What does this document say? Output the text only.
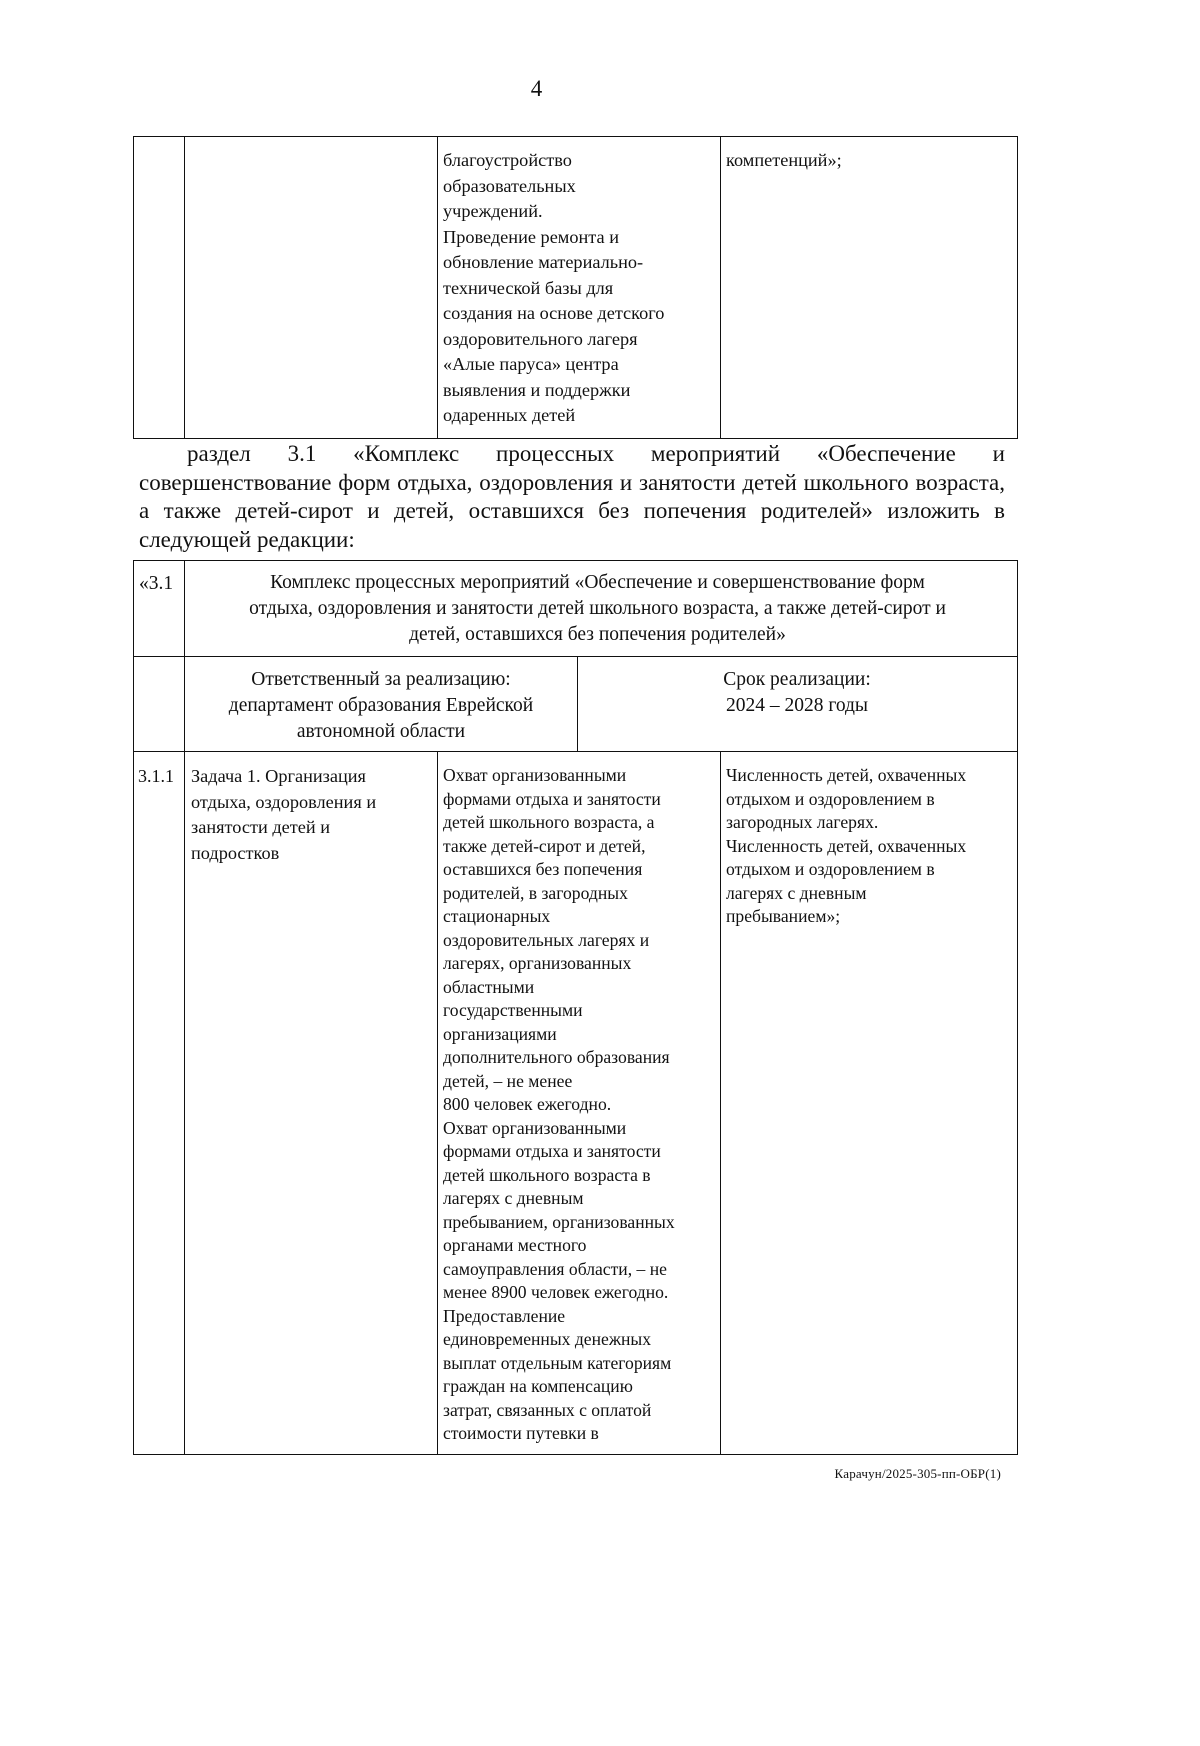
4
благоустройство
образовательных
учреждений.
Проведение ремонта и
обновление материально-
технической базы для
создания на основе детского
оздоровительного лагеря
«Алые паруса» центра
выявления и поддержки
одаренных детей
компетенций»;
раздел 3.1 «Комплекс процессных мероприятий «Обеспечение и совершенствование форм отдыха, оздоровления и занятости детей школьного возраста, а также детей-сирот и детей, оставшихся без попечения родителей» изложить в следующей редакции:
«3.1	Комплекс процессных мероприятий «Обеспечение и совершенствование форм
отдыха, оздоровления и занятости детей школьного возраста, а также детей-сирот и
детей, оставшихся без попечения родителей»
Ответственный за реализацию:
департамент образования Еврейской
автономной области
Срок реализации:
2024 – 2028 годы
3.1.1 Задача 1. Организация
отдыха, оздоровления и
занятости детей и
подростков
Охват организованными
формами отдыха и занятости
детей школьного возраста, а
также детей-сирот и детей,
оставшихся без попечения
родителей, в загородных
стационарных
оздоровительных лагерях и
лагерях, организованных
областными
государственными
организациями
дополнительного образования
детей, – не менее
800 человек ежегодно.
Охват организованными
формами отдыха и занятости
детей школьного возраста в
лагерях с дневным
пребыванием, организованных
органами местного
самоуправления области, – не
менее 8900 человек ежегодно.
Предоставление
единовременных денежных
выплат отдельным категориям
граждан на компенсацию
затрат, связанных с оплатой
стоимости путевки в
Численность детей, охваченных
отдыхом и оздоровлением в
загородных лагерях.
Численность детей, охваченных
отдыхом и оздоровлением в
лагерях с дневным
пребыванием»;
Карачун/2025-305-пп-ОБР(1)
